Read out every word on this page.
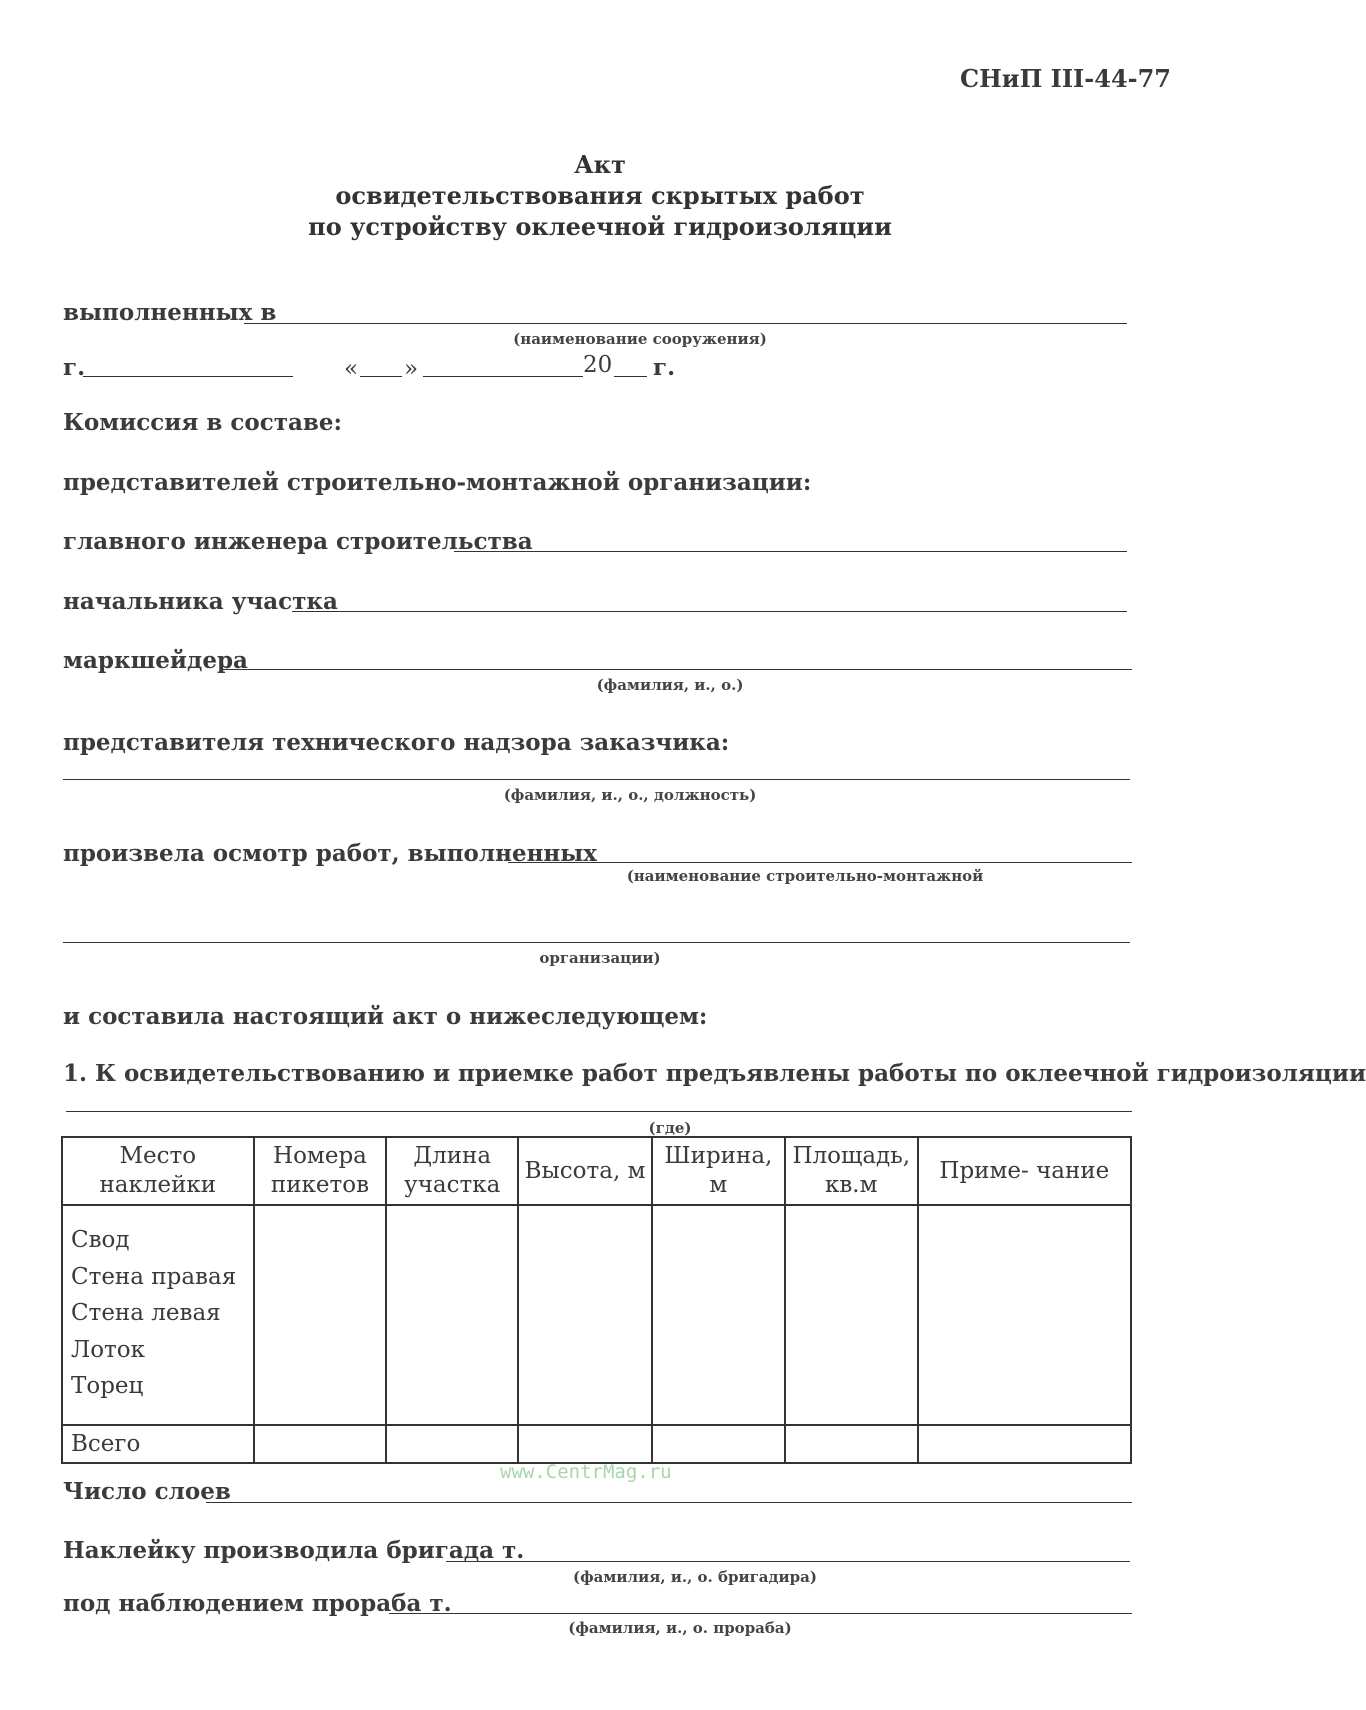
СНиП III-44-77
Акт
освидетельствования скрытых работ
по устройству оклеечной гидроизоляции
выполненных в
(наименование сооружения)
г.	« »	20 г.
Комиссия в составе:
представителей строительно-монтажной организации:
главного инженера строительства
начальника участка
маркшейдера
(фамилия, и., о.)
представителя технического надзора заказчика:
(фамилия, и., о., должность)
произвела осмотр работ, выполненных
(наименование строительно-монтажной
организации)
и составила настоящий акт о нижеследующем:
1. К освидетельствованию и приемке работ предъявлены работы по оклеечной гидроизоляции
(где)
Место наклейки	Номера пикетов	Длина участка	Высота, м	Ширина, м	Площадь, кв.м	Приме- чание

Свод
Стена правая
Стена левая
Лоток
Торец						

Всего						
www.CentrMag.ru
Число слоев
Наклейку производила бригада т.
(фамилия, и., о. бригадира)
под наблюдением прораба т.
(фамилия, и., о. прораба)
